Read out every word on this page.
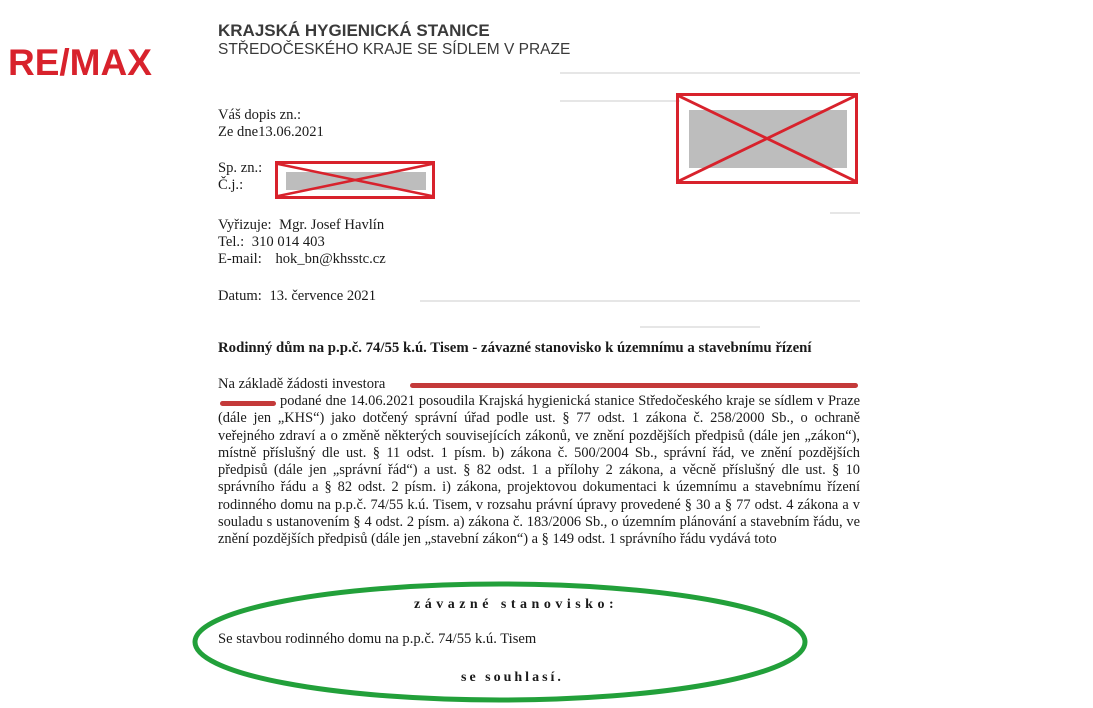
RE/MAX
KRAJSKÁ HYGIENICKÁ STANICE
STŘEDOČESKÉHO KRAJE SE SÍDLEM V PRAZE
Váš dopis zn.:
Ze dne13.06.2021
Sp. zn.:
Č.j.:
Vyřizuje: Mgr. Josef Havlín
Tel.: 310 014 403
E-mail: hok_bn@khsstc.cz
Datum: 13. července 2021
Rodinný dům na p.p.č. 74/55 k.ú. Tisem - závazné stanovisko k územnímu a stavebnímu řízení
Na základě žádosti investora
podané dne 14.06.2021 posoudila Krajská hygienická stanice Středočeského kraje se sídlem v Praze (dále jen „KHS“) jako dotčený správní úřad podle ust. § 77 odst. 1 zákona č. 258/2000 Sb., o ochraně veřejného zdraví a o změně některých souvisejících zákonů, ve znění pozdějších předpisů (dále jen „zákon“), místně příslušný dle ust. § 11 odst. 1 písm. b) zákona č. 500/2004 Sb., správní řád, ve znění pozdějších předpisů (dále jen „správní řád“) a ust. § 82 odst. 1 a přílohy 2 zákona, a věcně příslušný dle ust. § 10 správního řádu a § 82 odst. 2 písm. i) zákona, projektovou dokumentaci k územnímu a stavebnímu řízení rodinného domu na p.p.č. 74/55 k.ú. Tisem, v rozsahu právní úpravy provedené § 30 a § 77 odst. 4 zákona a v souladu s ustanovením § 4 odst. 2 písm. a) zákona č. 183/2006 Sb., o územním plánování a stavebním řádu, ve znění pozdějších předpisů (dále jen „stavební zákon“) a § 149 odst. 1 správního řádu vydává toto
závazné stanovisko:
Se stavbou rodinného domu na p.p.č. 74/55 k.ú. Tisem
se souhlasí.
